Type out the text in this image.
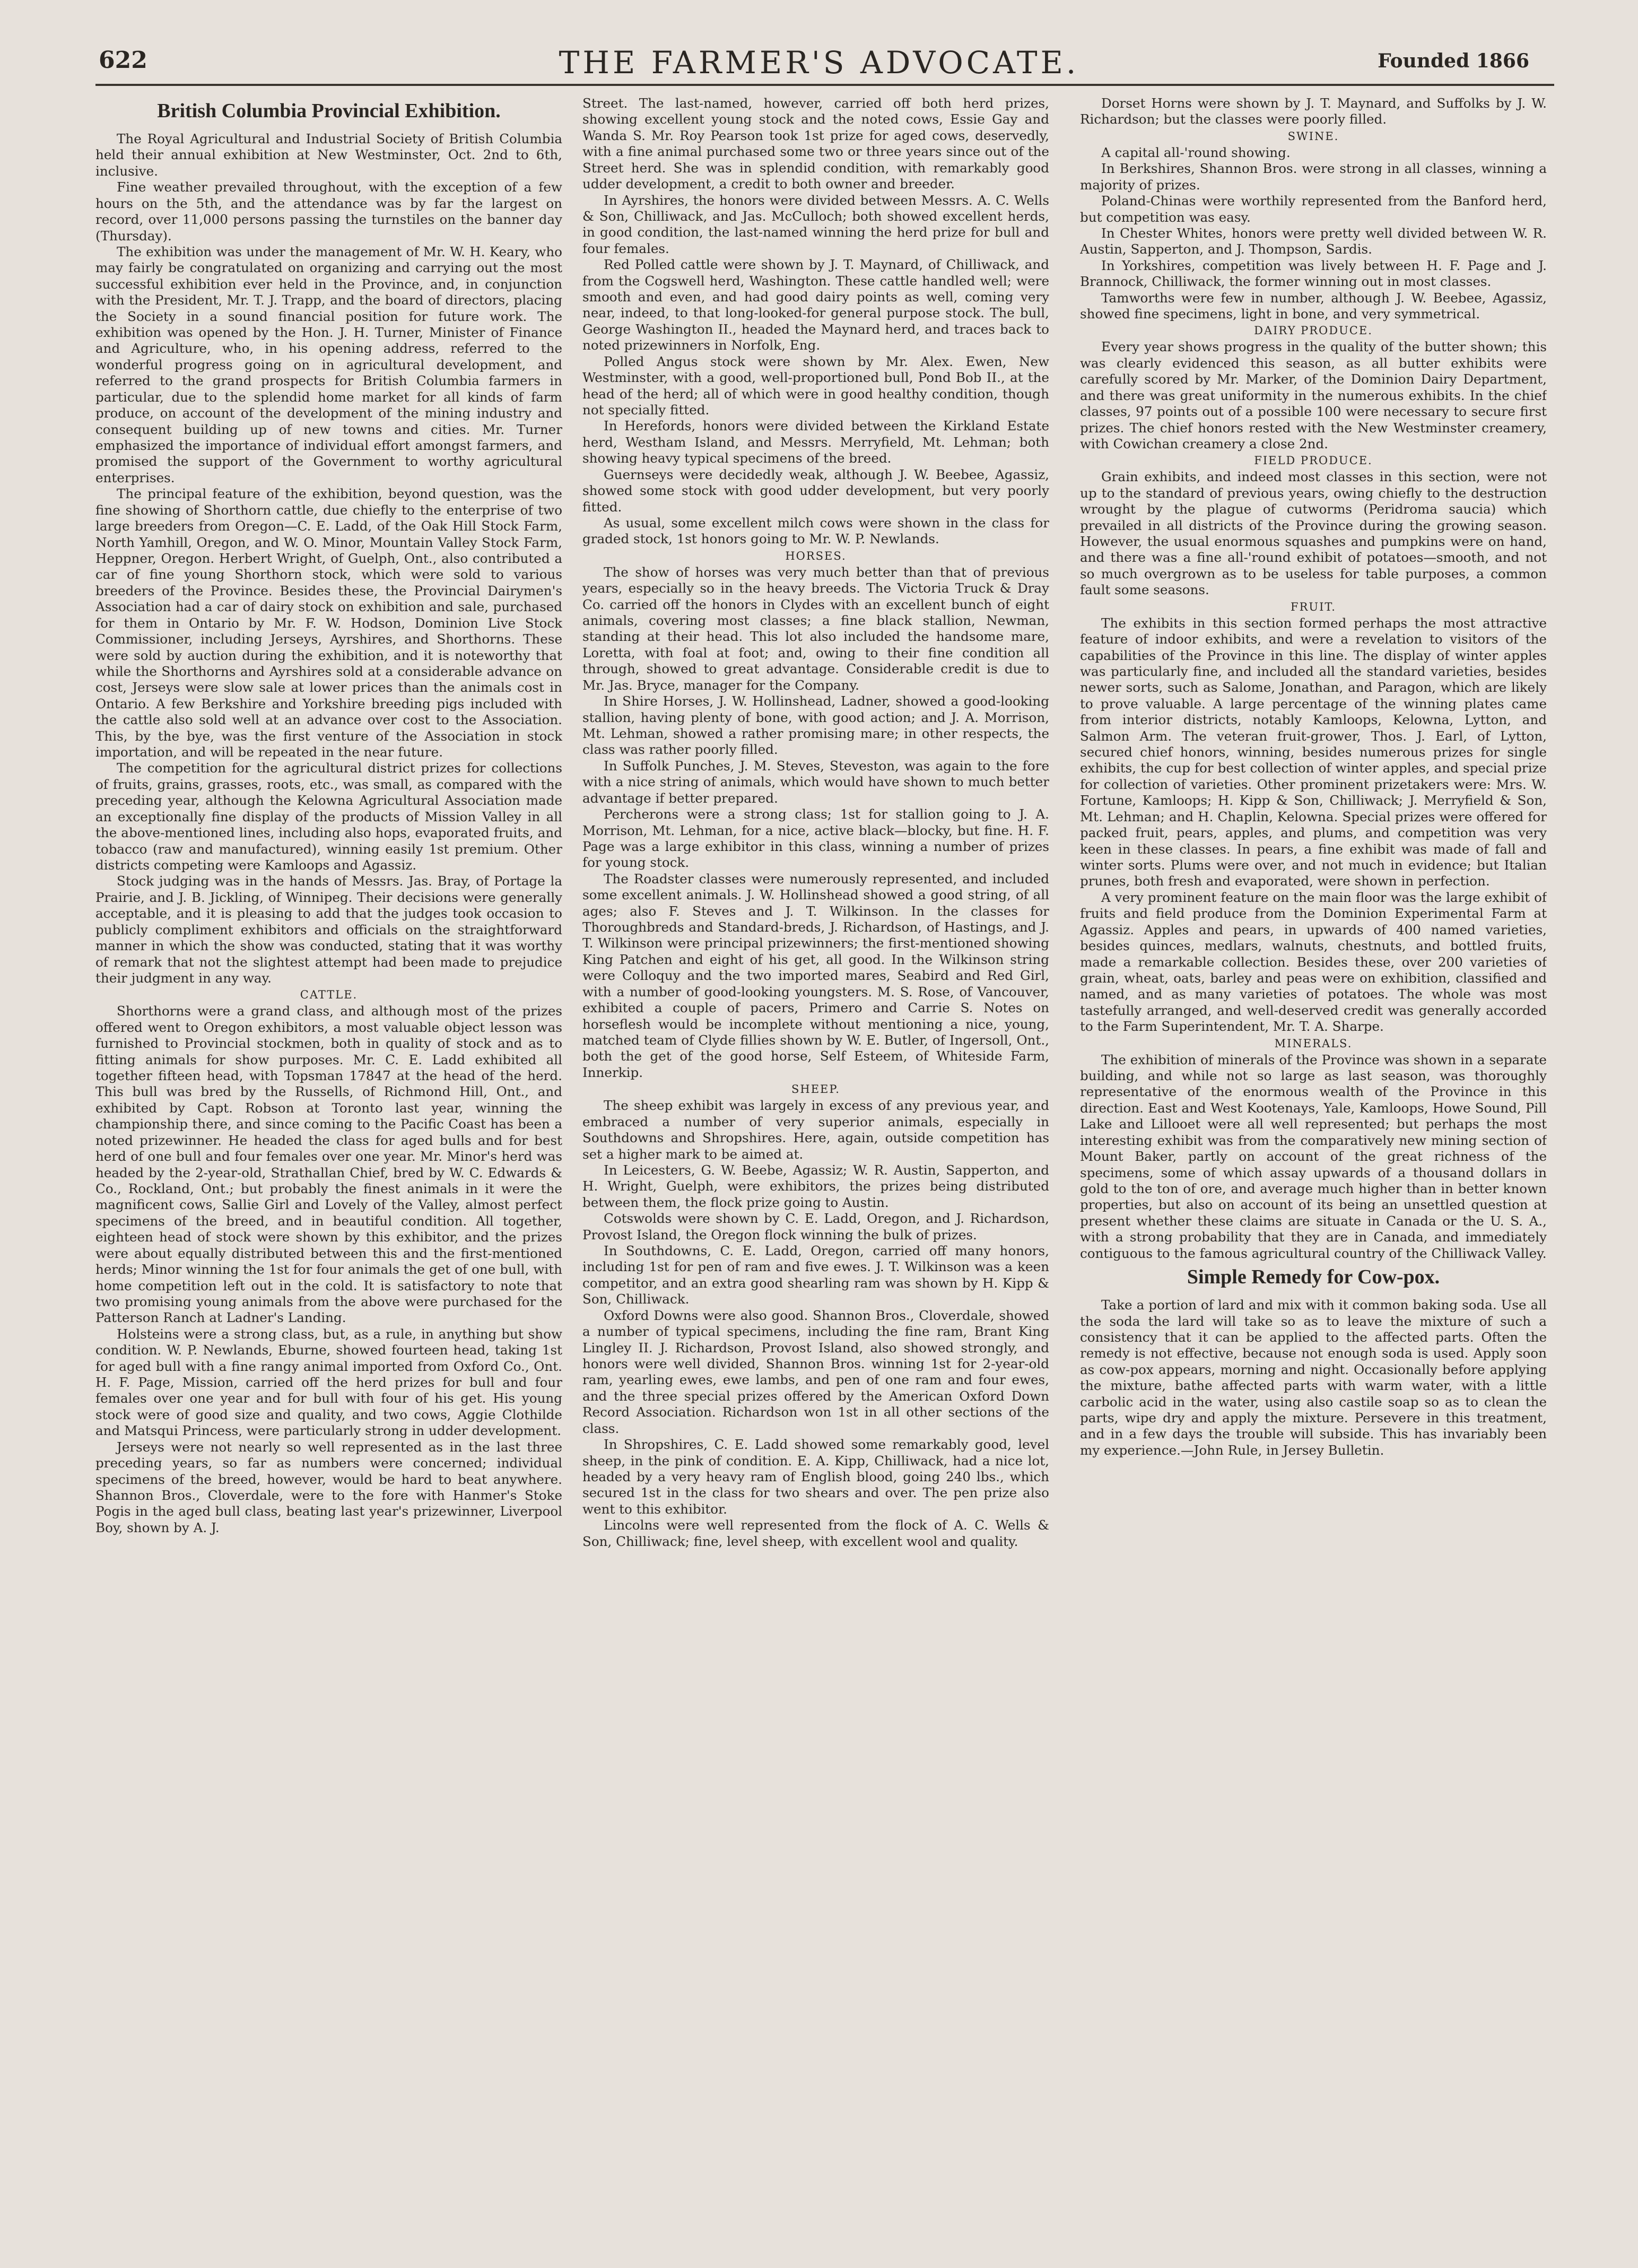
622	THE FARMER'S ADVOCATE.	Founded 1866
British Columbia Provincial Exhibition.

The Royal Agricultural and Industrial Society of British Columbia held their annual exhibition at New Westminster, Oct. 2nd to 6th, inclusive.

Fine weather prevailed throughout, with the exception of a few hours on the 5th, and the attendance was by far the largest on record, over 11,000 persons passing the turnstiles on the banner day (Thursday).

The exhibition was under the management of Mr. W. H. Keary, who may fairly be congratulated on organizing and carrying out the most successful exhibition ever held in the Province, and, in conjunction with the President, Mr. T. J. Trapp, and the board of directors, placing the Society in a sound financial position for future work. The exhibition was opened by the Hon. J. H. Turner, Minister of Finance and Agriculture, who, in his opening address, referred to the wonderful progress going on in agricultural development, and referred to the grand prospects for British Columbia farmers in particular, due to the splendid home market for all kinds of farm produce, on account of the development of the mining industry and consequent building up of new towns and cities. Mr. Turner emphasized the importance of individual effort amongst farmers, and promised the support of the Government to worthy agricultural enterprises.

The principal feature of the exhibition, beyond question, was the fine showing of Shorthorn cattle, due chiefly to the enterprise of two large breeders from Oregon—C. E. Ladd, of the Oak Hill Stock Farm, North Yamhill, Oregon, and W. O. Minor, Mountain Valley Stock Farm, Heppner, Oregon. Herbert Wright, of Guelph, Ont., also contributed a car of fine young Shorthorn stock, which were sold to various breeders of the Province. Besides these, the Provincial Dairymen's Association had a car of dairy stock on exhibition and sale, purchased for them in Ontario by Mr. F. W. Hodson, Dominion Live Stock Commissioner, including Jerseys, Ayrshires, and Shorthorns. These were sold by auction during the exhibition, and it is noteworthy that while the Shorthorns and Ayrshires sold at a considerable advance on cost, Jerseys were slow sale at lower prices than the animals cost in Ontario. A few Berkshire and Yorkshire breeding pigs included with the cattle also sold well at an advance over cost to the Association. This, by the bye, was the first venture of the Association in stock importation, and will be repeated in the near future.

The competition for the agricultural district prizes for collections of fruits, grains, grasses, roots, etc., was small, as compared with the preceding year, although the Kelowna Agricultural Association made an exceptionally fine display of the products of Mission Valley in all the above-mentioned lines, including also hops, evaporated fruits, and tobacco (raw and manufactured), winning easily 1st premium. Other districts competing were Kamloops and Agassiz.

Stock judging was in the hands of Messrs. Jas. Bray, of Portage la Prairie, and J. B. Jickling, of Winnipeg. Their decisions were generally acceptable, and it is pleasing to add that the judges took occasion to publicly compliment exhibitors and officials on the straightforward manner in which the show was conducted, stating that it was worthy of remark that not the slightest attempt had been made to prejudice their judgment in any way.

CATTLE.

Shorthorns were a grand class, and although most of the prizes offered went to Oregon exhibitors, a most valuable object lesson was furnished to Provincial stockmen, both in quality of stock and as to fitting animals for show purposes. Mr. C. E. Ladd exhibited all together fifteen head, with Topsman 17847 at the head of the herd. This bull was bred by the Russells, of Richmond Hill, Ont., and exhibited by Capt. Robson at Toronto last year, winning the championship there, and since coming to the Pacific Coast has been a noted prizewinner. He headed the class for aged bulls and for best herd of one bull and four females over one year. Mr. Minor's herd was headed by the 2-year-old, Strathallan Chief, bred by W. C. Edwards & Co., Rockland, Ont.; but probably the finest animals in it were the magnificent cows, Sallie Girl and Lovely of the Valley, almost perfect specimens of the breed, and in beautiful condition. All together, eighteen head of stock were shown by this exhibitor, and the prizes were about equally distributed between this and the first-mentioned herds; Minor winning the 1st for four animals the get of one bull, with home competition left out in the cold. It is satisfactory to note that two promising young animals from the above were purchased for the Patterson Ranch at Ladner's Landing.

Holsteins were a strong class, but, as a rule, in anything but show condition. W. P. Newlands, Eburne, showed fourteen head, taking 1st for aged bull with a fine rangy animal imported from Oxford Co., Ont. H. F. Page, Mission, carried off the herd prizes for bull and four females over one year and for bull with four of his get. His young stock were of good size and quality, and two cows, Aggie Clothilde and Matsqui Princess, were particularly strong in udder development.

Jerseys were not nearly so well represented as in the last three preceding years, so far as numbers were concerned; individual specimens of the breed, however, would be hard to beat anywhere. Shannon Bros., Cloverdale, were to the fore with Hanmer's Stoke Pogis in the aged bull class, beating last year's prizewinner, Liverpool Boy, shown by A. J.

Street. The last-named, however, carried off both herd prizes, showing excellent young stock and the noted cows, Essie Gay and Wanda S. Mr. Roy Pearson took 1st prize for aged cows, deservedly, with a fine animal purchased some two or three years since out of the Street herd. She was in splendid condition, with remarkably good udder development, a credit to both owner and breeder.

In Ayrshires, the honors were divided between Messrs. A. C. Wells & Son, Chilliwack, and Jas. McCulloch; both showed excellent herds, in good condition, the last-named winning the herd prize for bull and four females.

Red Polled cattle were shown by J. T. Maynard, of Chilliwack, and from the Cogswell herd, Washington. These cattle handled well; were smooth and even, and had good dairy points as well, coming very near, indeed, to that long-looked-for general purpose stock. The bull, George Washington II., headed the Maynard herd, and traces back to noted prizewinners in Norfolk, Eng.

Polled Angus stock were shown by Mr. Alex. Ewen, New Westminster, with a good, well-proportioned bull, Pond Bob II., at the head of the herd; all of which were in good healthy condition, though not specially fitted.

In Herefords, honors were divided between the Kirkland Estate herd, Westham Island, and Messrs. Merryfield, Mt. Lehman; both showing heavy typical specimens of the breed.

Guernseys were decidedly weak, although J. W. Beebee, Agassiz, showed some stock with good udder development, but very poorly fitted.

As usual, some excellent milch cows were shown in the class for graded stock, 1st honors going to Mr. W. P. Newlands.

HORSES.

The show of horses was very much better than that of previous years, especially so in the heavy breeds. The Victoria Truck & Dray Co. carried off the honors in Clydes with an excellent bunch of eight animals, covering most classes; a fine black stallion, Newman, standing at their head. This lot also included the handsome mare, Loretta, with foal at foot; and, owing to their fine condition all through, showed to great advantage. Considerable credit is due to Mr. Jas. Bryce, manager for the Company.

In Shire Horses, J. W. Hollinshead, Ladner, showed a good-looking stallion, having plenty of bone, with good action; and J. A. Morrison, Mt. Lehman, showed a rather promising mare; in other respects, the class was rather poorly filled.

In Suffolk Punches, J. M. Steves, Steveston, was again to the fore with a nice string of animals, which would have shown to much better advantage if better prepared.

Percherons were a strong class; 1st for stallion going to J. A. Morrison, Mt. Lehman, for a nice, active black—blocky, but fine. H. F. Page was a large exhibitor in this class, winning a number of prizes for young stock.

The Roadster classes were numerously represented, and included some excellent animals. J. W. Hollinshead showed a good string, of all ages; also F. Steves and J. T. Wilkinson. In the classes for Thoroughbreds and Standard-breds, J. Richardson, of Hastings, and J. T. Wilkinson were principal prizewinners; the first-mentioned showing King Patchen and eight of his get, all good. In the Wilkinson string were Colloquy and the two imported mares, Seabird and Red Girl, with a number of good-looking youngsters. M. S. Rose, of Vancouver, exhibited a couple of pacers, Primero and Carrie S. Notes on horseflesh would be incomplete without mentioning a nice, young, matched team of Clyde fillies shown by W. E. Butler, of Ingersoll, Ont., both the get of the good horse, Self Esteem, of Whiteside Farm, Innerkip.

SHEEP.

The sheep exhibit was largely in excess of any previous year, and embraced a number of very superior animals, especially in Southdowns and Shropshires. Here, again, outside competition has set a higher mark to be aimed at.

In Leicesters, G. W. Beebe, Agassiz; W. R. Austin, Sapperton, and H. Wright, Guelph, were exhibitors, the prizes being distributed between them, the flock prize going to Austin.

Cotswolds were shown by C. E. Ladd, Oregon, and J. Richardson, Provost Island, the Oregon flock winning the bulk of prizes.

In Southdowns, C. E. Ladd, Oregon, carried off many honors, including 1st for pen of ram and five ewes. J. T. Wilkinson was a keen competitor, and an extra good shearling ram was shown by H. Kipp & Son, Chilliwack.

Oxford Downs were also good. Shannon Bros., Cloverdale, showed a number of typical specimens, including the fine ram, Brant King Lingley II. J. Richardson, Provost Island, also showed strongly, and honors were well divided, Shannon Bros. winning 1st for 2-year-old ram, yearling ewes, ewe lambs, and pen of one ram and four ewes, and the three special prizes offered by the American Oxford Down Record Association. Richardson won 1st in all other sections of the class.

In Shropshires, C. E. Ladd showed some remarkably good, level sheep, in the pink of condition. E. A. Kipp, Chilliwack, had a nice lot, headed by a very heavy ram of English blood, going 240 lbs., which secured 1st in the class for two shears and over. The pen prize also went to this exhibitor.

Lincolns were well represented from the flock of A. C. Wells & Son, Chilliwack; fine, level sheep, with excellent wool and quality.

Dorset Horns were shown by J. T. Maynard, and Suffolks by J. W. Richardson; but the classes were poorly filled.

SWINE.

A capital all-'round showing.

In Berkshires, Shannon Bros. were strong in all classes, winning a majority of prizes.

Poland-Chinas were worthily represented from the Banford herd, but competition was easy.

In Chester Whites, honors were pretty well divided between W. R. Austin, Sapperton, and J. Thompson, Sardis.

In Yorkshires, competition was lively between H. F. Page and J. Brannock, Chilliwack, the former winning out in most classes.

Tamworths were few in number, although J. W. Beebee, Agassiz, showed fine specimens, light in bone, and very symmetrical.

DAIRY PRODUCE.

Every year shows progress in the quality of the butter shown; this was clearly evidenced this season, as all butter exhibits were carefully scored by Mr. Marker, of the Dominion Dairy Department, and there was great uniformity in the numerous exhibits. In the chief classes, 97 points out of a possible 100 were necessary to secure first prizes. The chief honors rested with the New Westminster creamery, with Cowichan creamery a close 2nd.

FIELD PRODUCE.

Grain exhibits, and indeed most classes in this section, were not up to the standard of previous years, owing chiefly to the destruction wrought by the plague of cutworms (Peridroma saucia) which prevailed in all districts of the Province during the growing season. However, the usual enormous squashes and pumpkins were on hand, and there was a fine all-'round exhibit of potatoes—smooth, and not so much overgrown as to be useless for table purposes, a common fault some seasons.

FRUIT.

The exhibits in this section formed perhaps the most attractive feature of indoor exhibits, and were a revelation to visitors of the capabilities of the Province in this line. The display of winter apples was particularly fine, and included all the standard varieties, besides newer sorts, such as Salome, Jonathan, and Paragon, which are likely to prove valuable. A large percentage of the winning plates came from interior districts, notably Kamloops, Kelowna, Lytton, and Salmon Arm. The veteran fruit-grower, Thos. J. Earl, of Lytton, secured chief honors, winning, besides numerous prizes for single exhibits, the cup for best collection of winter apples, and special prize for collection of varieties. Other prominent prizetakers were: Mrs. W. Fortune, Kamloops; H. Kipp & Son, Chilliwack; J. Merryfield & Son, Mt. Lehman; and H. Chaplin, Kelowna. Special prizes were offered for packed fruit, pears, apples, and plums, and competition was very keen in these classes. In pears, a fine exhibit was made of fall and winter sorts. Plums were over, and not much in evidence; but Italian prunes, both fresh and evaporated, were shown in perfection.

A very prominent feature on the main floor was the large exhibit of fruits and field produce from the Dominion Experimental Farm at Agassiz. Apples and pears, in upwards of 400 named varieties, besides quinces, medlars, walnuts, chestnuts, and bottled fruits, made a remarkable collection. Besides these, over 200 varieties of grain, wheat, oats, barley and peas were on exhibition, classified and named, and as many varieties of potatoes. The whole was most tastefully arranged, and well-deserved credit was generally accorded to the Farm Superintendent, Mr. T. A. Sharpe.

MINERALS.

The exhibition of minerals of the Province was shown in a separate building, and while not so large as last season, was thoroughly representative of the enormous wealth of the Province in this direction. East and West Kootenays, Yale, Kamloops, Howe Sound, Pill Lake and Lillooet were all well represented; but perhaps the most interesting exhibit was from the comparatively new mining section of Mount Baker, partly on account of the great richness of the specimens, some of which assay upwards of a thousand dollars in gold to the ton of ore, and average much higher than in better known properties, but also on account of its being an unsettled question at present whether these claims are situate in Canada or the U. S. A., with a strong probability that they are in Canada, and immediately contiguous to the famous agricultural country of the Chilliwack Valley.

Simple Remedy for Cow-pox.

Take a portion of lard and mix with it common baking soda. Use all the soda the lard will take so as to leave the mixture of such a consistency that it can be applied to the affected parts. Often the remedy is not effective, because not enough soda is used. Apply soon as cow-pox appears, morning and night. Occasionally before applying the mixture, bathe affected parts with warm water, with a little carbolic acid in the water, using also castile soap so as to clean the parts, wipe dry and apply the mixture. Persevere in this treatment, and in a few days the trouble will subside. This has invariably been my experience.—John Rule, in Jersey Bulletin.
